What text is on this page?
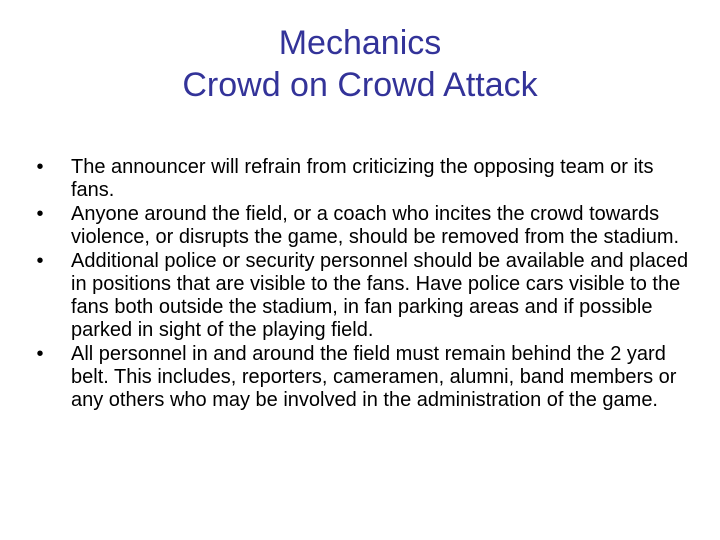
Mechanics
Crowd on Crowd Attack
•	The announcer will refrain from criticizing the opposing team or its fans.
•	Anyone around the field, or a coach who incites the crowd towards violence, or disrupts the game, should be removed from the stadium.
•	Additional police or security personnel should be available and placed in positions that are visible to the fans. Have police cars visible to the fans both outside the stadium, in fan parking areas and if possible parked in sight of the playing field.
•	All personnel in and around the field must remain behind the 2 yard belt. This includes, reporters, cameramen, alumni, band members or any others who may be involved in the administration of the game.
